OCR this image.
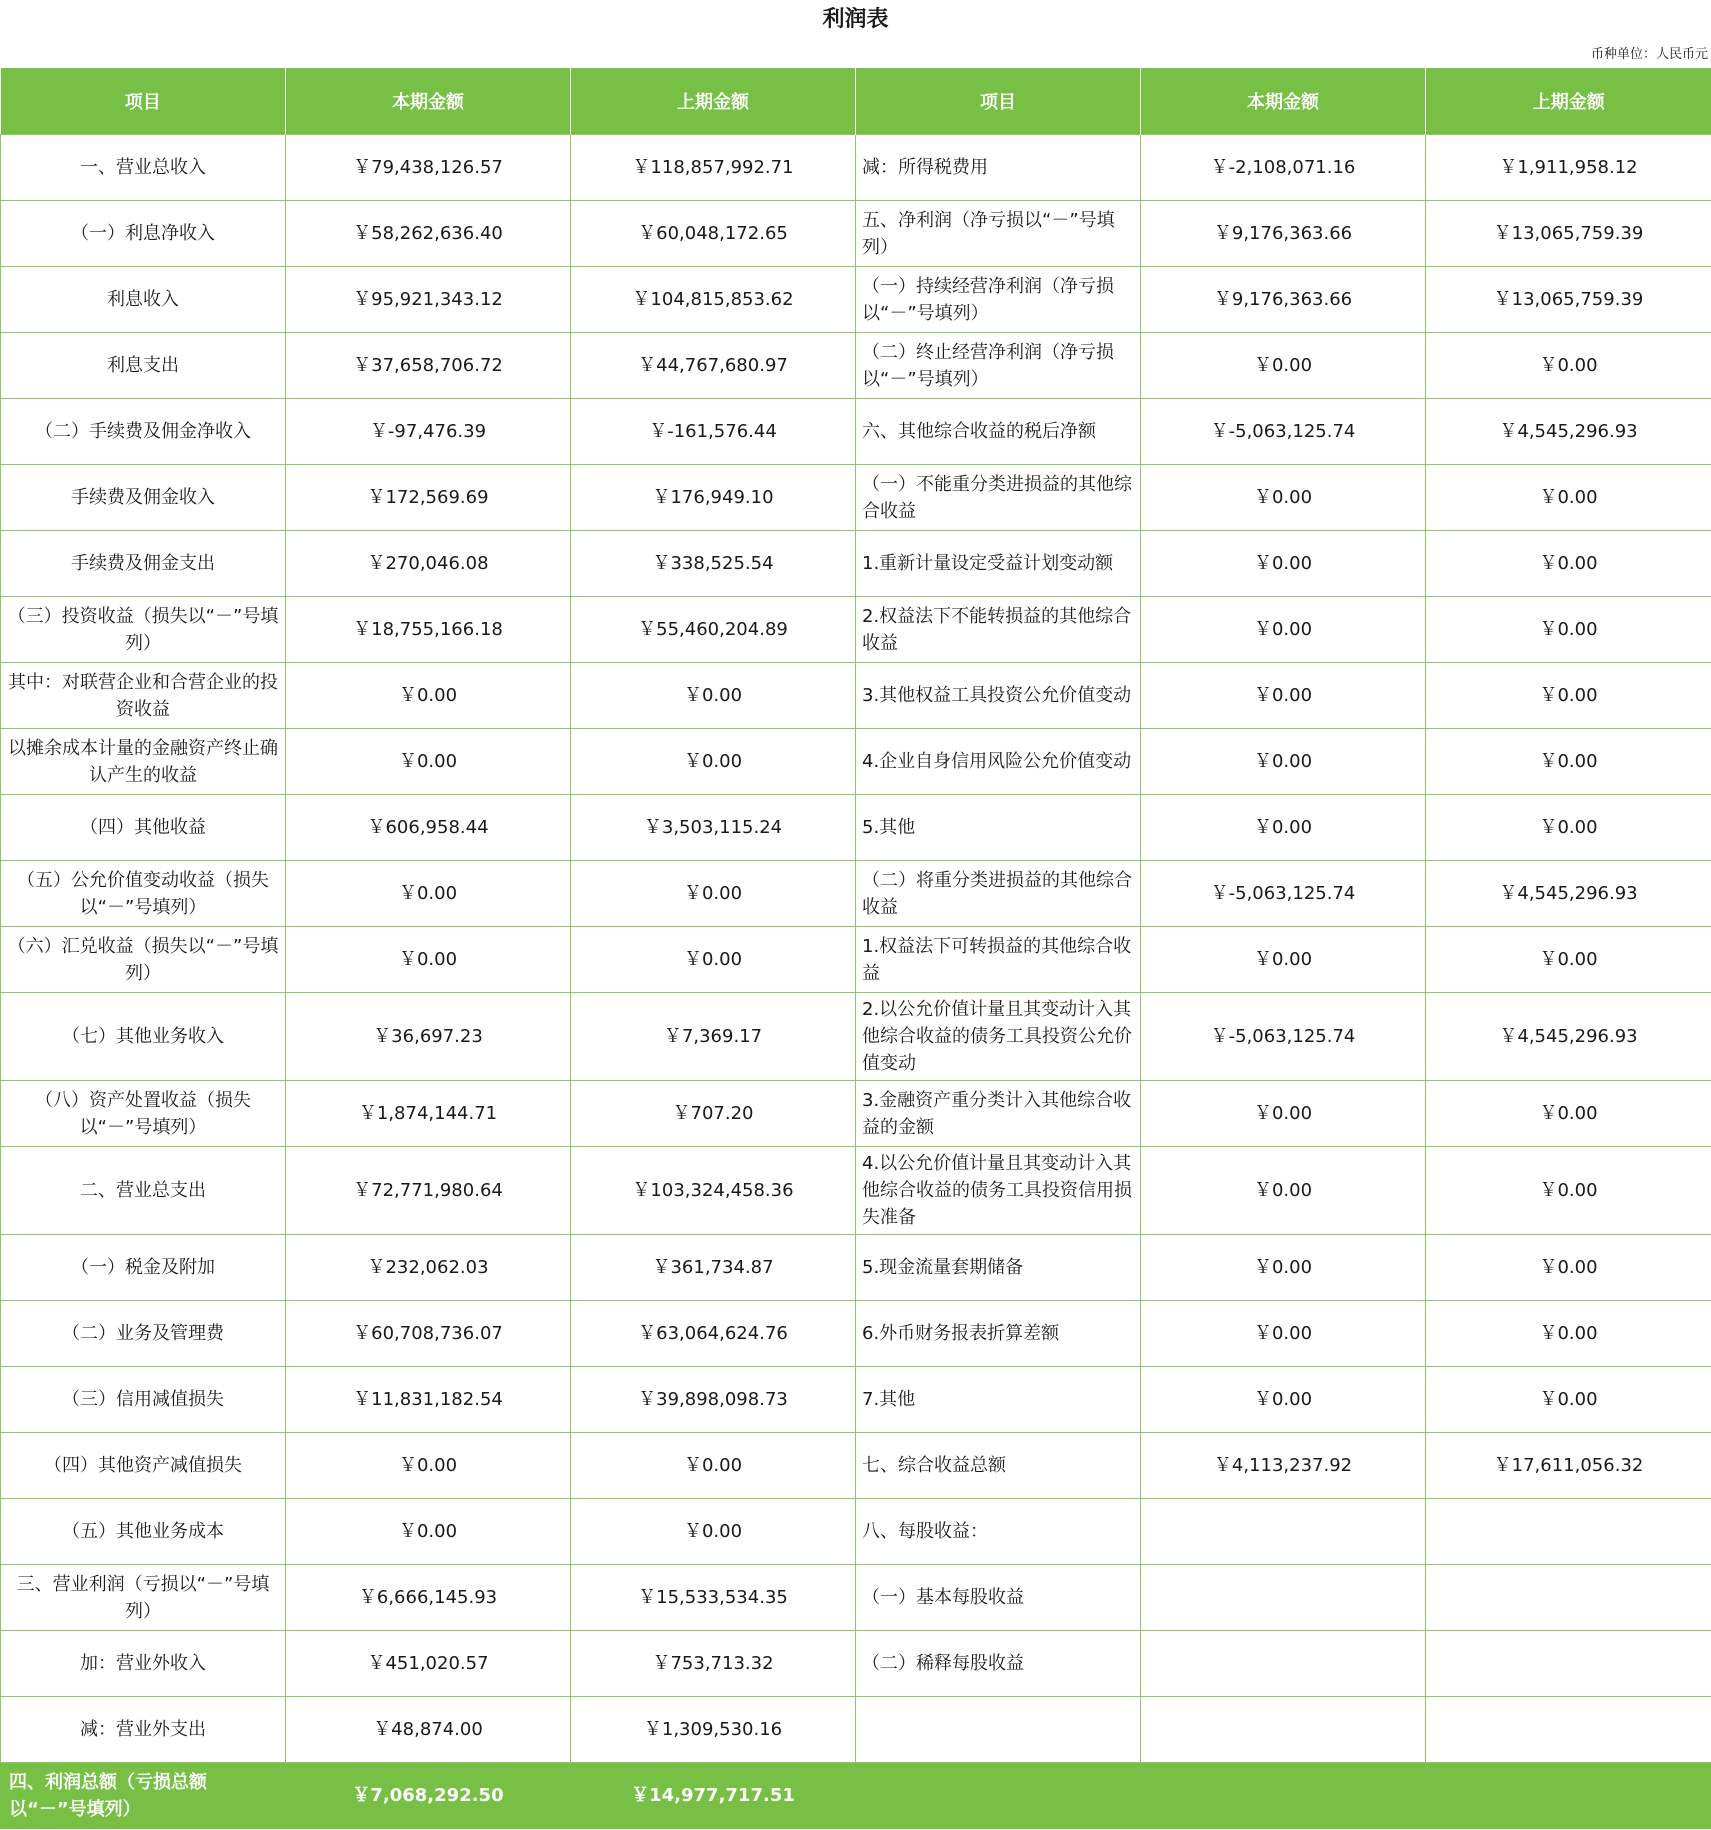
利润表
币种单位：人民币元
项目	本期金额	上期金额	项目	本期金额	上期金额
一、营业总收入	￥79,438,126.57	￥118,857,992.71	减：所得税费用	￥-2,108,071.16	￥1,911,958.12
（一）利息净收入	￥58,262,636.40	￥60,048,172.65	五、净利润（净亏损以“－”号填列）	￥9,176,363.66	￥13,065,759.39
利息收入	￥95,921,343.12	￥104,815,853.62	（一）持续经营净利润（净亏损以“－”号填列）	￥9,176,363.66	￥13,065,759.39
利息支出	￥37,658,706.72	￥44,767,680.97	（二）终止经营净利润（净亏损以“－”号填列）	￥0.00	￥0.00
（二）手续费及佣金净收入	￥-97,476.39	￥-161,576.44	六、其他综合收益的税后净额	￥-5,063,125.74	￥4,545,296.93
手续费及佣金收入	￥172,569.69	￥176,949.10	（一）不能重分类进损益的其他综合收益	￥0.00	￥0.00
手续费及佣金支出	￥270,046.08	￥338,525.54	1.重新计量设定受益计划变动额	￥0.00	￥0.00
（三）投资收益（损失以“－”号填列）	￥18,755,166.18	￥55,460,204.89	2.权益法下不能转损益的其他综合收益	￥0.00	￥0.00
其中：对联营企业和合营企业的投资收益	￥0.00	￥0.00	3.其他权益工具投资公允价值变动	￥0.00	￥0.00
以摊余成本计量的金融资产终止确认产生的收益	￥0.00	￥0.00	4.企业自身信用风险公允价值变动	￥0.00	￥0.00
（四）其他收益	￥606,958.44	￥3,503,115.24	5.其他	￥0.00	￥0.00
（五）公允价值变动收益（损失以“－”号填列）	￥0.00	￥0.00	（二）将重分类进损益的其他综合收益	￥-5,063,125.74	￥4,545,296.93
（六）汇兑收益（损失以“－”号填列）	￥0.00	￥0.00	1.权益法下可转损益的其他综合收益	￥0.00	￥0.00
（七）其他业务收入	￥36,697.23	￥7,369.17	2.以公允价值计量且其变动计入其他综合收益的债务工具投资公允价值变动	￥-5,063,125.74	￥4,545,296.93
（八）资产处置收益（损失以“－”号填列）	￥1,874,144.71	￥707.20	3.金融资产重分类计入其他综合收益的金额	￥0.00	￥0.00
二、营业总支出	￥72,771,980.64	￥103,324,458.36	4.以公允价值计量且其变动计入其他综合收益的债务工具投资信用损失准备	￥0.00	￥0.00
（一）税金及附加	￥232,062.03	￥361,734.87	5.现金流量套期储备	￥0.00	￥0.00
（二）业务及管理费	￥60,708,736.07	￥63,064,624.76	6.外币财务报表折算差额	￥0.00	￥0.00
（三）信用减值损失	￥11,831,182.54	￥39,898,098.73	7.其他	￥0.00	￥0.00
（四）其他资产减值损失	￥0.00	￥0.00	七、综合收益总额	￥4,113,237.92	￥17,611,056.32
（五）其他业务成本	￥0.00	￥0.00	八、每股收益：		
三、营业利润（亏损以“－”号填列）	￥6,666,145.93	￥15,533,534.35	（一）基本每股收益		
加：营业外收入	￥451,020.57	￥753,713.32	（二）稀释每股收益		
减：营业外支出	￥48,874.00	￥1,309,530.16			
四、利润总额（亏损总额以“－”号填列）	￥7,068,292.50	￥14,977,717.51			
